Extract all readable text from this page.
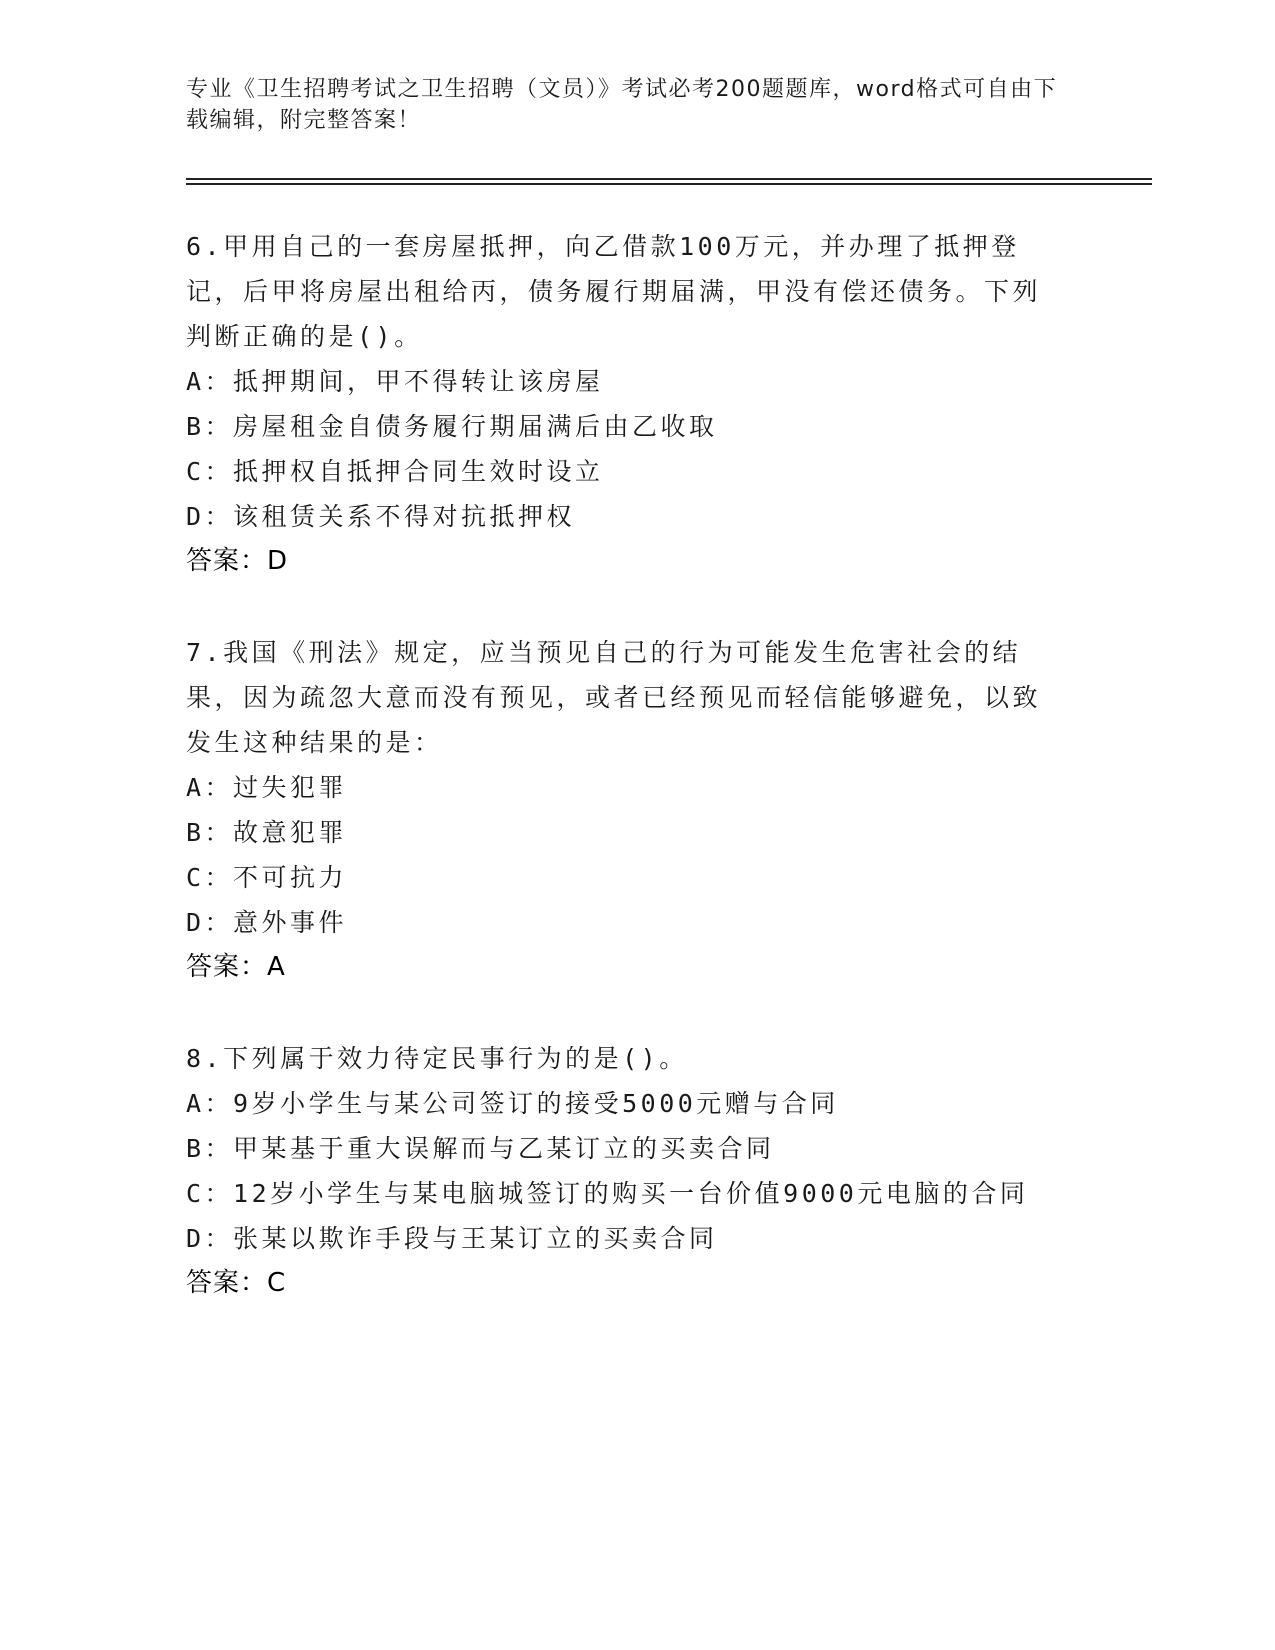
专业《卫生招聘考试之卫生招聘（文员）》考试必考200题题库，word格式可自由下载编辑，附完整答案！

6.甲用自己的一套房屋抵押，向乙借款100万元，并办理了抵押登记，后甲将房屋出租给丙，债务履行期届满，甲没有偿还债务。下列判断正确的是()。

A：抵押期间，甲不得转让该房屋

B：房屋租金自债务履行期届满后由乙收取

C：抵押权自抵押合同生效时设立

D：该租赁关系不得对抗抵押权

答案：D

7.我国《刑法》规定，应当预见自己的行为可能发生危害社会的结果，因为疏忽大意而没有预见，或者已经预见而轻信能够避免，以致发生这种结果的是：

A：过失犯罪

B：故意犯罪

C：不可抗力

D：意外事件

答案：A

8.下列属于效力待定民事行为的是()。

A：9岁小学生与某公司签订的接受5000元赠与合同

B：甲某基于重大误解而与乙某订立的买卖合同

C：12岁小学生与某电脑城签订的购买一台价值9000元电脑的合同

D：张某以欺诈手段与王某订立的买卖合同

答案：C
